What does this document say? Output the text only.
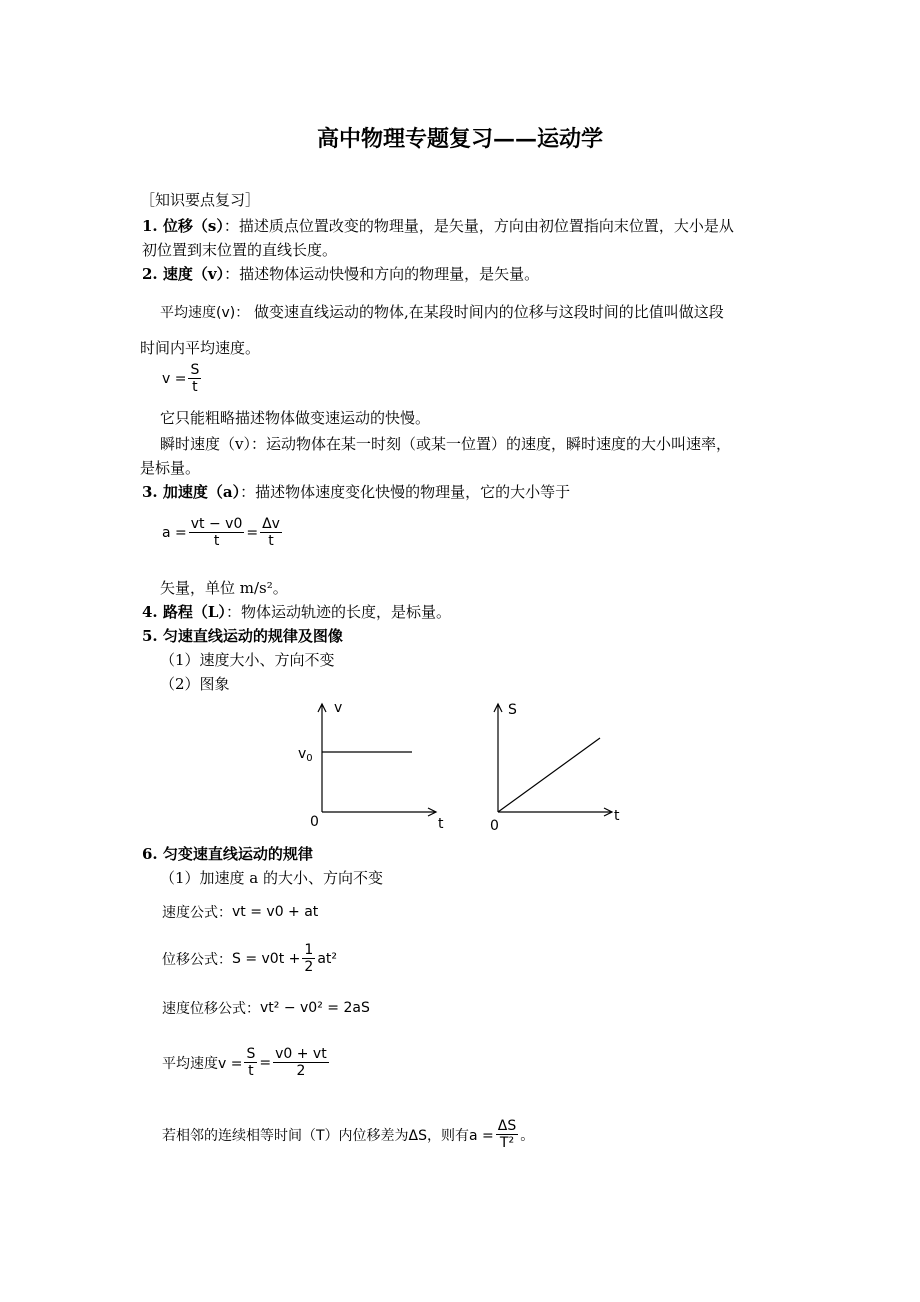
高中物理专题复习——运动学
［知识要点复习］
1. 位移（s）：描述质点位置改变的物理量，是矢量，方向由初位置指向末位置，大小是从
初位置到末位置的直线长度。
2. 速度（v）：描述物体运动快慢和方向的物理量，是矢量。
平均速度(v)： 做变速直线运动的物体,在某段时间内的位移与这段时间的比值叫做这段
时间内平均速度。
$v = \frac{S}{t}$
它只能粗略描述物体做变速运动的快慢。
瞬时速度（v）：运动物体在某一时刻（或某一位置）的速度，瞬时速度的大小叫速率，
是标量。
3. 加速度（a）：描述物体速度变化快慢的物理量，它的大小等于
$a = \frac{vt - v0}{t} = \frac{\Delta v}{t}$
矢量，单位 m/s²。
4. 路程（L）：物体运动轨迹的长度，是标量。
5. 匀速直线运动的规律及图像
（1）速度大小、方向不变
（2）图象
v
t
0
$v_0$
S
t
0
6. 匀变速直线运动的规律
（1）加速度 a 的大小、方向不变
速度公式： vt = v0 + at
位移公式： $S = v0t + \frac{1}{2} at^2$
速度位移公式： vt² − v0² = 2aS
平均速度$v = \frac{S}{t} = \frac{v0 + vt}{2}$
若相邻的连续相等时间（T）内位移差为ΔS，则有$a = \frac{\Delta S}{\text{T²}}$ 。
